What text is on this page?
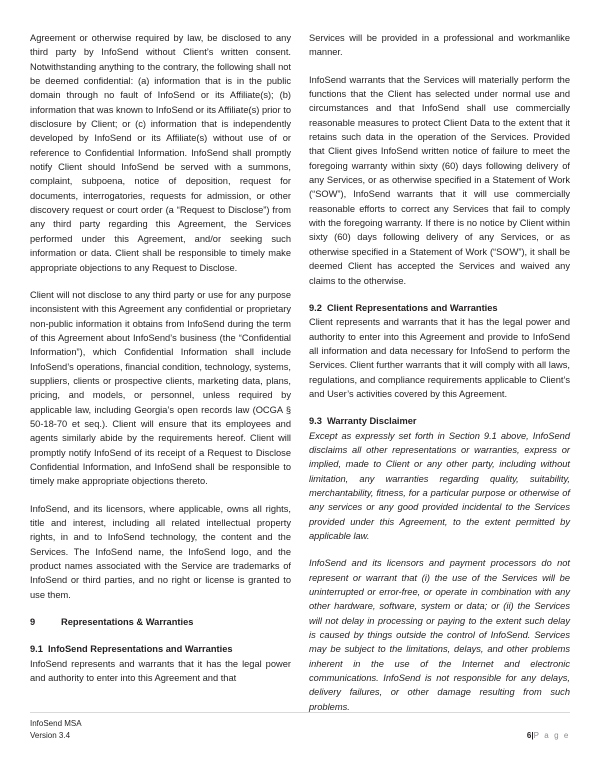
Agreement or otherwise required by law, be disclosed to any third party by InfoSend without Client’s written consent. Notwithstanding anything to the contrary, the following shall not be deemed confidential: (a) information that is in the public domain through no fault of InfoSend or its Affiliate(s); (b) information that was known to InfoSend or its Affiliate(s) prior to disclosure by Client; or (c) information that is independently developed by InfoSend or its Affiliate(s) without use of or reference to Confidential Information. InfoSend shall promptly notify Client should InfoSend be served with a summons, complaint, subpoena, notice of deposition, request for documents, interrogatories, requests for admission, or other discovery request or court order (a “Request to Disclose”) from any third party regarding this Agreement, the Services performed under this Agreement, and/or seeking such information or data. Client shall be responsible to timely make appropriate objections to any Request to Disclose.

Client will not disclose to any third party or use for any purpose inconsistent with this Agreement any confidential or proprietary non-public information it obtains from InfoSend during the term of this Agreement about InfoSend’s business (the “Confidential Information”), which Confidential Information shall include InfoSend’s operations, financial condition, technology, systems, suppliers, clients or prospective clients, marketing data, plans, pricing, and models, or personnel, unless required by applicable law, including Georgia’s open records law (OCGA § 50-18-70 et seq.). Client will ensure that its employees and agents similarly abide by the requirements hereof. Client will promptly notify InfoSend of its receipt of a Request to Disclose Confidential Information, and InfoSend shall be responsible to timely make appropriate objections thereto.

InfoSend, and its licensors, where applicable, owns all rights, title and interest, including all related intellectual property rights, in and to InfoSend technology, the content and the Services. The InfoSend name, the InfoSend logo, and the product names associated with the Service are trademarks of InfoSend or third parties, and no right or license is granted to use them.

9	Representations & Warranties
9.1 InfoSend Representations and Warranties

InfoSend represents and warrants that it has the legal power and authority to enter into this Agreement and that

Services will be provided in a professional and workmanlike manner.

InfoSend warrants that the Services will materially perform the functions that the Client has selected under normal use and circumstances and that InfoSend shall use commercially reasonable measures to protect Client Data to the extent that it retains such data in the operation of the Services. Provided that Client gives InfoSend written notice of failure to meet the foregoing warranty within sixty (60) days following delivery of any Services, or as otherwise specified in a Statement of Work (“SOW”), InfoSend warrants that it will use commercially reasonable efforts to correct any Services that fail to comply with the foregoing warranty. If there is no notice by Client within sixty (60) days following delivery of any Services, or as otherwise specified in a Statement of Work (“SOW”), it shall be deemed Client has accepted the Services and waived any claims to the otherwise.

9.2 Client Representations and Warranties

Client represents and warrants that it has the legal power and authority to enter into this Agreement and provide to InfoSend all information and data necessary for InfoSend to perform the Services. Client further warrants that it will comply with all laws, regulations, and compliance requirements applicable to Client’s and User’s activities covered by this Agreement.

9.3 Warranty Disclaimer

Except as expressly set forth in Section 9.1 above, InfoSend disclaims all other representations or warranties, express or implied, made to Client or any other party, including without limitation, any warranties regarding quality, suitability, merchantability, fitness, for a particular purpose or otherwise of any services or any good provided incidental to the Services provided under this Agreement, to the extent permitted by applicable law.

InfoSend and its licensors and payment processors do not represent or warrant that (i) the use of the Services will be uninterrupted or error-free, or operate in combination with any other hardware, software, system or data; or (ii) the Services will not delay in processing or paying to the extent such delay is caused by things outside the control of InfoSend. Services may be subject to the limitations, delays, and other problems inherent in the use of the Internet and electronic communications. InfoSend is not responsible for any delays, delivery failures, or other damage resulting from such problems.

InfoSend MSA
Version 3.4	6|P a g e
